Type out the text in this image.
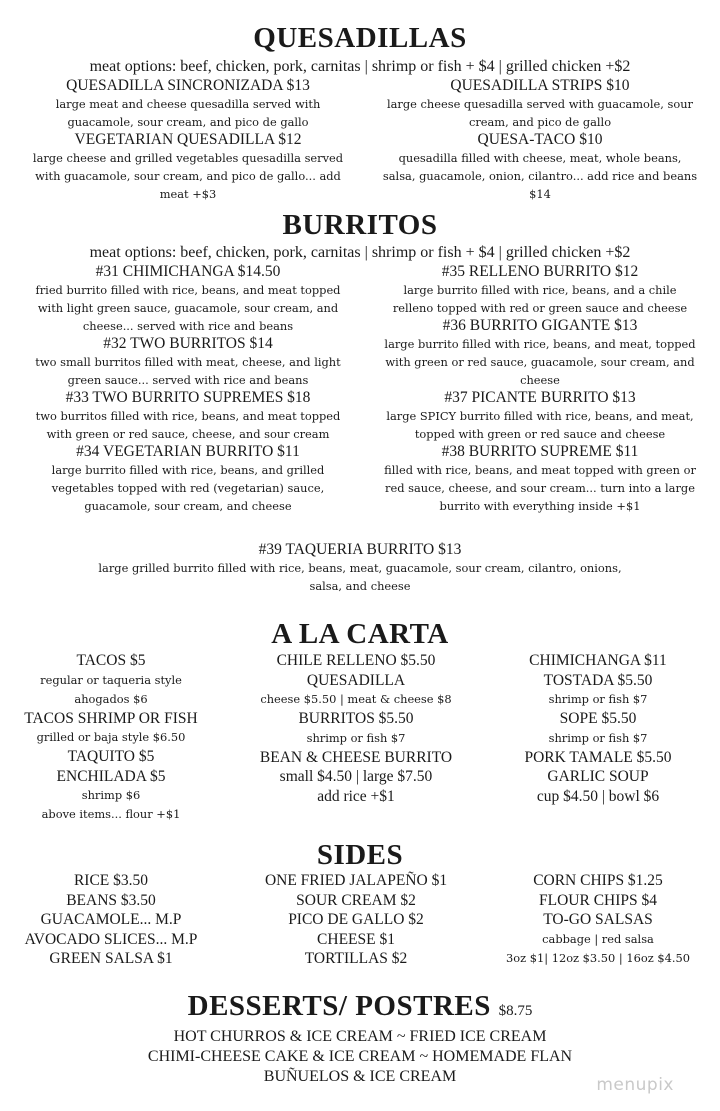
QUESADILLAS
meat options: beef, chicken, pork, carnitas | shrimp or fish + $4 | grilled chicken +$2
QUESADILLA SINCRONIZADA $13
large meat and cheese quesadilla served with guacamole, sour cream, and pico de gallo
VEGETARIAN QUESADILLA $12
large cheese and grilled vegetables quesadilla served with guacamole, sour cream, and pico de gallo... add meat +$3
QUESADILLA STRIPS $10
large cheese quesadilla served with guacamole, sour cream, and pico de gallo
QUESA-TACO $10
quesadilla filled with cheese, meat, whole beans, salsa, guacamole, onion, cilantro... add rice and beans $14
BURRITOS
meat options: beef, chicken, pork, carnitas | shrimp or fish + $4 | grilled chicken +$2
#31 CHIMICHANGA $14.50
fried burrito filled with rice, beans, and meat topped with light green sauce, guacamole, sour cream, and cheese... served with rice and beans
#32 TWO BURRITOS $14
two small burritos filled with meat, cheese, and light green sauce... served with rice and beans
#33 TWO BURRITO SUPREMES $18
two burritos filled with rice, beans, and meat topped with green or red sauce, cheese, and sour cream
#34 VEGETARIAN BURRITO $11
large burrito filled with rice, beans, and grilled vegetables topped with red (vegetarian) sauce, guacamole, sour cream, and cheese
#35 RELLENO BURRITO $12
large burrito filled with rice, beans, and a chile relleno topped with red or green sauce and cheese
#36 BURRITO GIGANTE $13
large burrito filled with rice, beans, and meat, topped with green or red sauce, guacamole, sour cream, and cheese
#37 PICANTE BURRITO $13
large SPICY burrito filled with rice, beans, and meat, topped with green or red sauce and cheese
#38 BURRITO SUPREME $11
filled with rice, beans, and meat topped with green or red sauce, cheese, and sour cream... turn into a large burrito with everything inside +$1
#39 TAQUERIA BURRITO $13
large grilled burrito filled with rice, beans, meat, guacamole, sour cream, cilantro, onions, salsa, and cheese
A LA CARTA
TACOS $5
regular or taqueria style
ahogados $6
TACOS SHRIMP OR FISH
grilled or baja style $6.50
TAQUITO $5
ENCHILADA $5
shrimp $6
above items... flour +$1
CHILE RELLENO $5.50
QUESADILLA
cheese $5.50 | meat & cheese $8
BURRITOS $5.50
shrimp or fish $7
BEAN & CHEESE BURRITO
small $4.50 | large $7.50
add rice +$1
CHIMICHANGA $11
TOSTADA $5.50
shrimp or fish $7
SOPE $5.50
shrimp or fish $7
PORK TAMALE $5.50
GARLIC SOUP
cup $4.50 | bowl $6
SIDES
RICE $3.50
BEANS $3.50
GUACAMOLE... M.P
AVOCADO SLICES... M.P
GREEN SALSA $1
ONE FRIED JALAPEÑO $1
SOUR CREAM $2
PICO DE GALLO $2
CHEESE $1
TORTILLAS $2
CORN CHIPS $1.25
FLOUR CHIPS $4
TO-GO SALSAS
cabbage | red salsa
3oz $1| 12oz $3.50 | 16oz $4.50
DESSERTS/ POSTRES $8.75
HOT CHURROS & ICE CREAM ~ FRIED ICE CREAM
CHIMI-CHEESE CAKE & ICE CREAM ~ HOMEMADE FLAN
BUÑUELOS & ICE CREAM	menupix
